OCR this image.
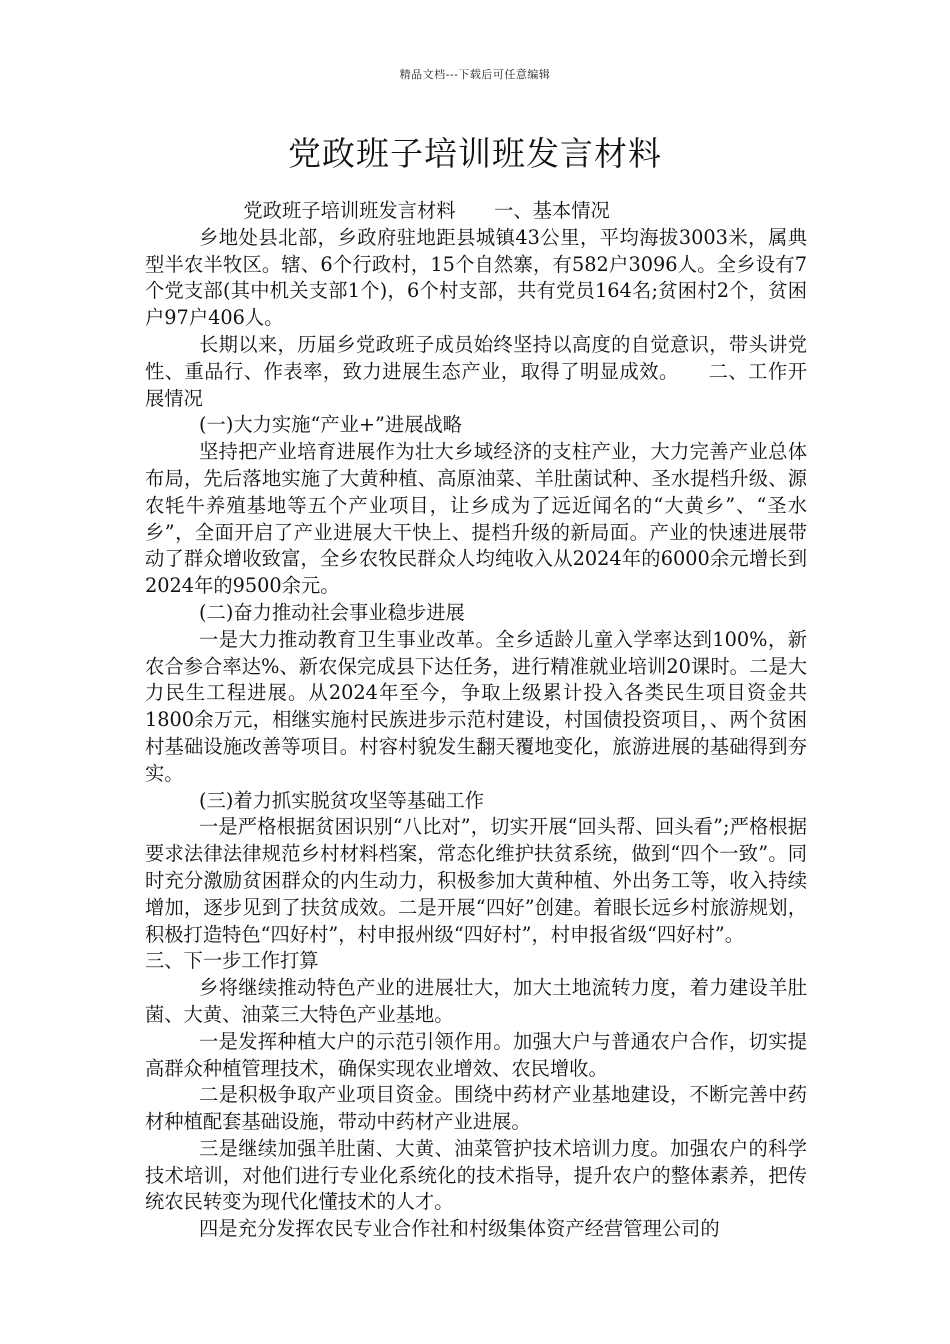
精品文档---下载后可任意编辑
党政班子培训班发言材料

党政班子培训班发言材料　　一、基本情况

乡地处县北部，乡政府驻地距县城镇43公里，平均海拔3003米，属典型半农半牧区。辖、6个行政村，15个自然寨，有582户3096人。全乡设有7个党支部(其中机关支部1个)，6个村支部，共有党员164名;贫困村2个，贫困户97户406人。

长期以来，历届乡党政班子成员始终坚持以高度的自觉意识，带头讲党性、重品行、作表率，致力进展生态产业，取得了明显成效。　　二、工作开展情况

(一)大力实施“产业+”进展战略

坚持把产业培育进展作为壮大乡域经济的支柱产业，大力完善产业总体布局，先后落地实施了大黄种植、高原油菜、羊肚菌试种、圣水提档升级、源农牦牛养殖基地等五个产业项目，让乡成为了远近闻名的“大黄乡”、“圣水乡”，全面开启了产业进展大干快上、提档升级的新局面。产业的快速进展带动了群众增收致富，全乡农牧民群众人均纯收入从2024年的6000余元增长到2024年的9500余元。

(二)奋力推动社会事业稳步进展

一是大力推动教育卫生事业改革。全乡适龄儿童入学率达到100%，新农合参合率达%、新农保完成县下达任务，进行精准就业培训20课时。二是大力民生工程进展。从2024年至今，争取上级累计投入各类民生项目资金共1800余万元，相继实施村民族进步示范村建设，村国债投资项目，、两个贫困村基础设施改善等项目。村容村貌发生翻天覆地变化，旅游进展的基础得到夯实。

(三)着力抓实脱贫攻坚等基础工作

一是严格根据贫困识别“八比对”，切实开展“回头帮、回头看”;严格根据要求法律法律规范乡村材料档案，常态化维护扶贫系统，做到“四个一致”。同时充分激励贫困群众的内生动力，积极参加大黄种植、外出务工等，收入持续增加，逐步见到了扶贫成效。二是开展“四好”创建。着眼长远乡村旅游规划，积极打造特色“四好村”，村申报州级“四好村”，村申报省级“四好村”。

三、下一步工作打算

乡将继续推动特色产业的进展壮大，加大土地流转力度，着力建设羊肚菌、大黄、油菜三大特色产业基地。

一是发挥种植大户的示范引领作用。加强大户与普通农户合作，切实提高群众种植管理技术，确保实现农业增效、农民增收。

二是积极争取产业项目资金。围绕中药材产业基地建设，不断完善中药材种植配套基础设施，带动中药材产业进展。

三是继续加强羊肚菌、大黄、油菜管护技术培训力度。加强农户的科学技术培训，对他们进行专业化系统化的技术指导，提升农户的整体素养，把传统农民转变为现代化懂技术的人才。

四是充分发挥农民专业合作社和村级集体资产经营管理公司的
